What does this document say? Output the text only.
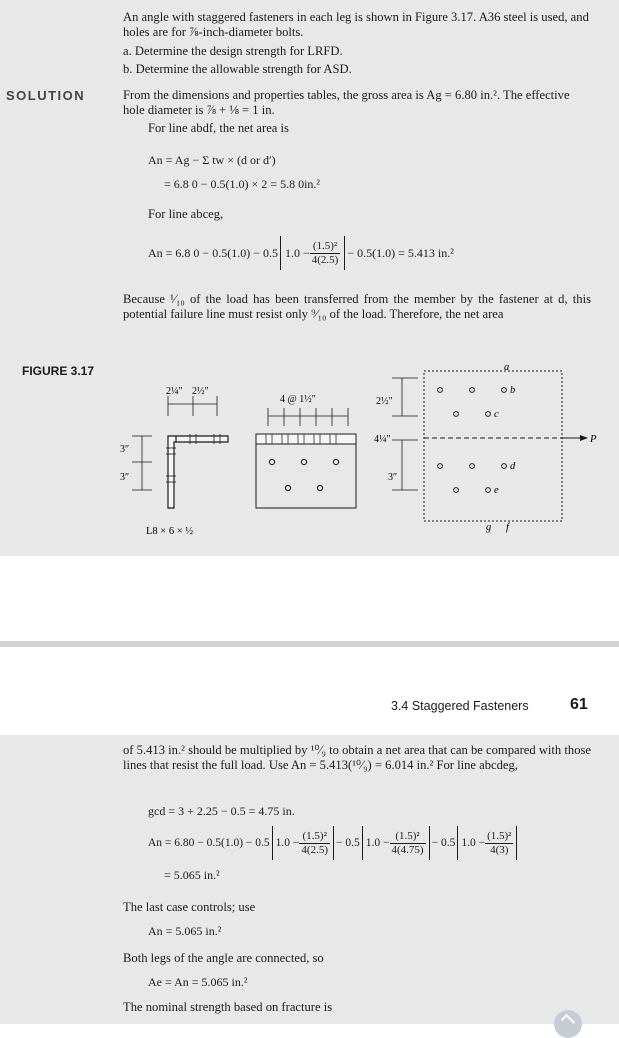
An angle with staggered fasteners in each leg is shown in Figure 3.17. A36 steel is used, and holes are for ⅞-inch-diameter bolts.
a. Determine the design strength for LRFD.
b. Determine the allowable strength for ASD.
SOLUTION	From the dimensions and properties tables, the gross area is Ag = 6.80 in.². The effective hole diameter is ⅞ + ⅛ = 1 in.
For line abdf, the net area is
An = Ag − Σ tw × (d or d′)
= 6.8 0 − 0.5(1.0) × 2 = 5.8 0in.²
For line abceg,
An = 6.8 0 − 0.5(1.0) − 0.5 $1.0 - \frac{\text{(1.5)²}}{4(2.5)} - 0.5(1.0) = 5.413$ in.²
Because ¹⁄₁₀ of the load has been transferred from the member by the fastener at d, this potential failure line must resist only ⁹⁄₁₀ of the load. Therefore, the net area
FIGURE 3.17
2¼″ 2½″
3″
3″
L8 × 6 × ½
4 @ 1½″	2½″
4¼″
3″
P
a
b
c
d
e
g f
3.4 Staggered Fasteners	61
of 5.413 in.² should be multiplied by ¹⁰⁄₉ to obtain a net area that can be compared with those lines that resist the full load. Use An = 5.413(¹⁰⁄₉) = 6.014 in.² For line abcdeg,
gcd = 3 + 2.25 − 0.5 = 4.75 in.
An = 6.80 − 0.5(1.0) − 0.5 $1.0 - \frac{\text{(1.5)²}}{4(2.5)} - 0.5$ $1.0 - \frac{\text{(1.5)²}}{4(4.75)} - 0.5$ $1.0 - \frac{\text{(1.5)²}}{4(3)}$
= 5.065 in.²
The last case controls; use
An = 5.065 in.²
Both legs of the angle are connected, so
Ae = An = 5.065 in.²
The nominal strength based on fracture is
